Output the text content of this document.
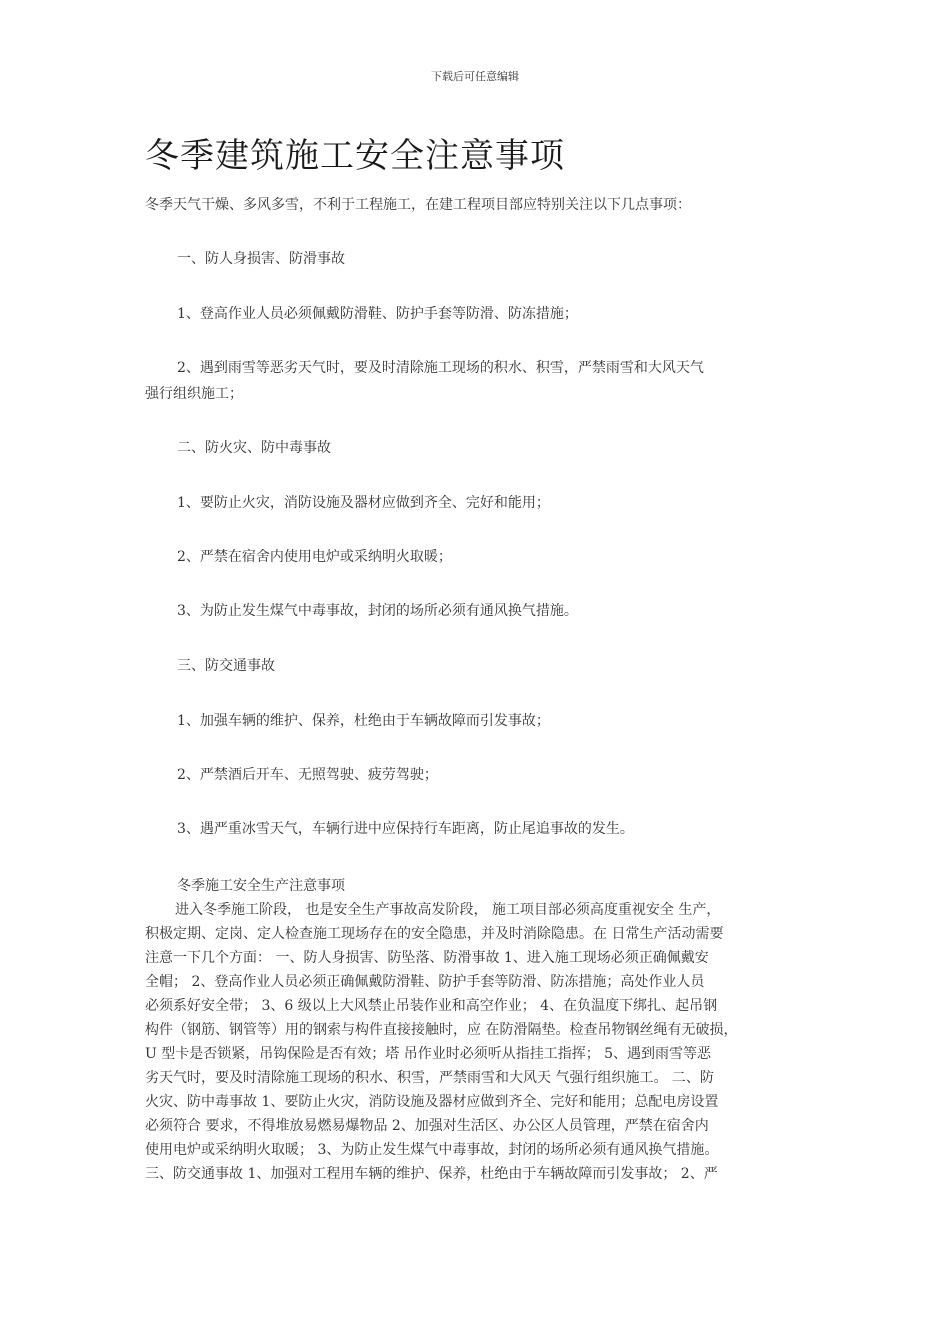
下载后可任意编辑
冬季建筑施工安全注意事项
冬季天气干燥、多风多雪，不利于工程施工，在建工程项目部应特别关注以下几点事项：
一、防人身损害、防滑事故
1、登高作业人员必须佩戴防滑鞋、防护手套等防滑、防冻措施；
2、遇到雨雪等恶劣天气时，要及时清除施工现场的积水、积雪，严禁雨雪和大风天气
强行组织施工；
二、防火灾、防中毒事故
1、要防止火灾，消防设施及器材应做到齐全、完好和能用；
2、严禁在宿舍内使用电炉或采纳明火取暖；
3、为防止发生煤气中毒事故，封闭的场所必须有通风换气措施。
三、防交通事故
1、加强车辆的维护、保养，杜绝由于车辆故障而引发事故；
2、严禁酒后开车、无照驾驶、疲劳驾驶；
3、遇严重冰雪天气，车辆行进中应保持行车距离，防止尾追事故的发生。
冬季施工安全生产注意事项
进入冬季施工阶段， 也是安全生产事故高发阶段， 施工项目部必须高度重视安全 生产，
积极定期、定岗、定人检查施工现场存在的安全隐患，并及时消除隐患。在 日常生产活动需要
注意一下几个方面： 一、防人身损害、防坠落、防滑事故 1、进入施工现场必须正确佩戴安
全帽； 2、登高作业人员必须正确佩戴防滑鞋、防护手套等防滑、防冻措施；高处作业人员
必须系好安全带； 3、6 级以上大风禁止吊装作业和高空作业； 4、在负温度下绑扎、起吊钢
构件（钢筋、钢管等）用的钢索与构件直接接触时，应 在防滑隔垫。检查吊物钢丝绳有无破损，
U 型卡是否锁紧，吊钩保险是否有效；塔 吊作业时必须听从指挂工指挥； 5、遇到雨雪等恶
劣天气时，要及时清除施工现场的积水、积雪，严禁雨雪和大风天 气强行组织施工。 二、防
火灾、防中毒事故 1、要防止火灾，消防设施及器材应做到齐全、完好和能用；总配电房设置
必须符合 要求，不得堆放易燃易爆物品 2、加强对生活区、办公区人员管理，严禁在宿舍内
使用电炉或采纳明火取暖； 3、为防止发生煤气中毒事故，封闭的场所必须有通风换气措施。
三、防交通事故 1、加强对工程用车辆的维护、保养，杜绝由于车辆故障而引发事故； 2、严
